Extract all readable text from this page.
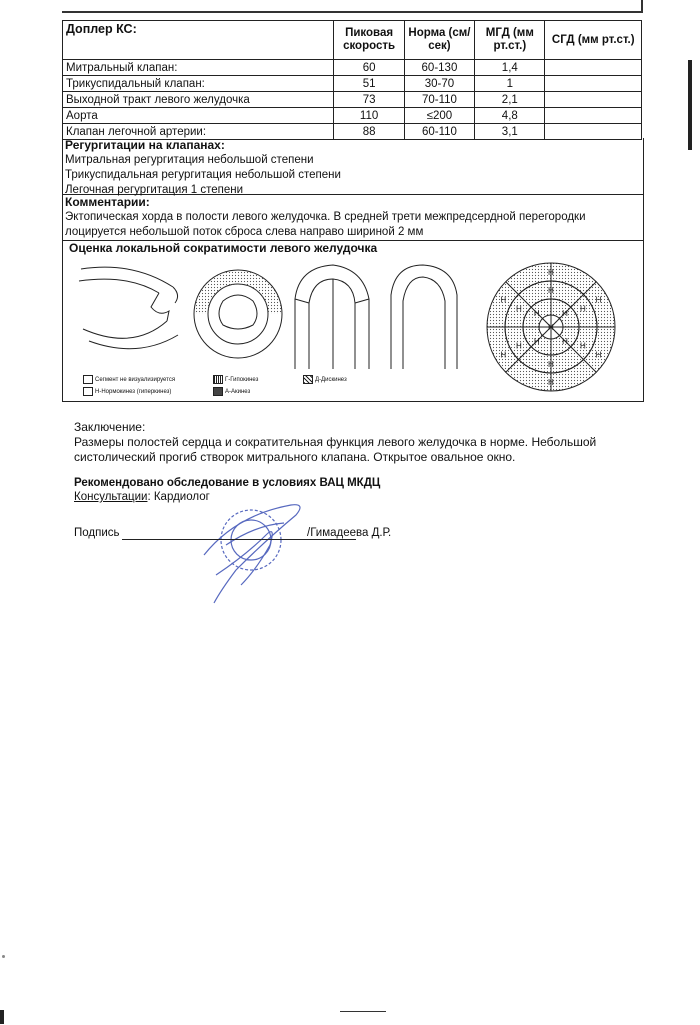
Доплер КС:	Пиковая скорость	Норма (см/сек)	МГД (мм рт.ст.)	СГД (мм рт.ст.)
Митральный клапан:	60	60-130	1,4	
Трикуспидальный клапан:	51	30-70	1	
Выходной тракт левого желудочка	73	70-110	2,1	
Аорта	110	≤200	4,8	
Клапан легочной артерии:	88	60-110	3,1	
Регургитации на клапанах:
Митральная регургитация небольшой степени
Трикуспидальная регургитация небольшой степени
Легочная регургитация 1 степени
Комментарии:
Эктопическая хорда в полости левого желудочка. В средней трети межпредсердной перегородки
лоцируется небольшой поток сброса слева направо шириной 2 мм
Оценка локальной сократимости левого желудочка
Н
Н
Н
Н
Н
Н
Н
Н
Н
Н
Н
Н
Н
Н
Н	Н
Н
Сегмент не визуализируется
Н-Нормокинез (гиперкинез)
Г-Гипокинез
А-Акинез
Д-Дискинез
Заключение:
Размеры полостей сердца и сократительная функция левого желудочка в норме. Небольшой
систолический прогиб створок митрального клапана. Открытое овальное окно.
Рекомендовано обследование в условиях ВАЦ МКДЦ
Консультации: Кардиолог
Подпись	/Гимадеева Д.Р.
